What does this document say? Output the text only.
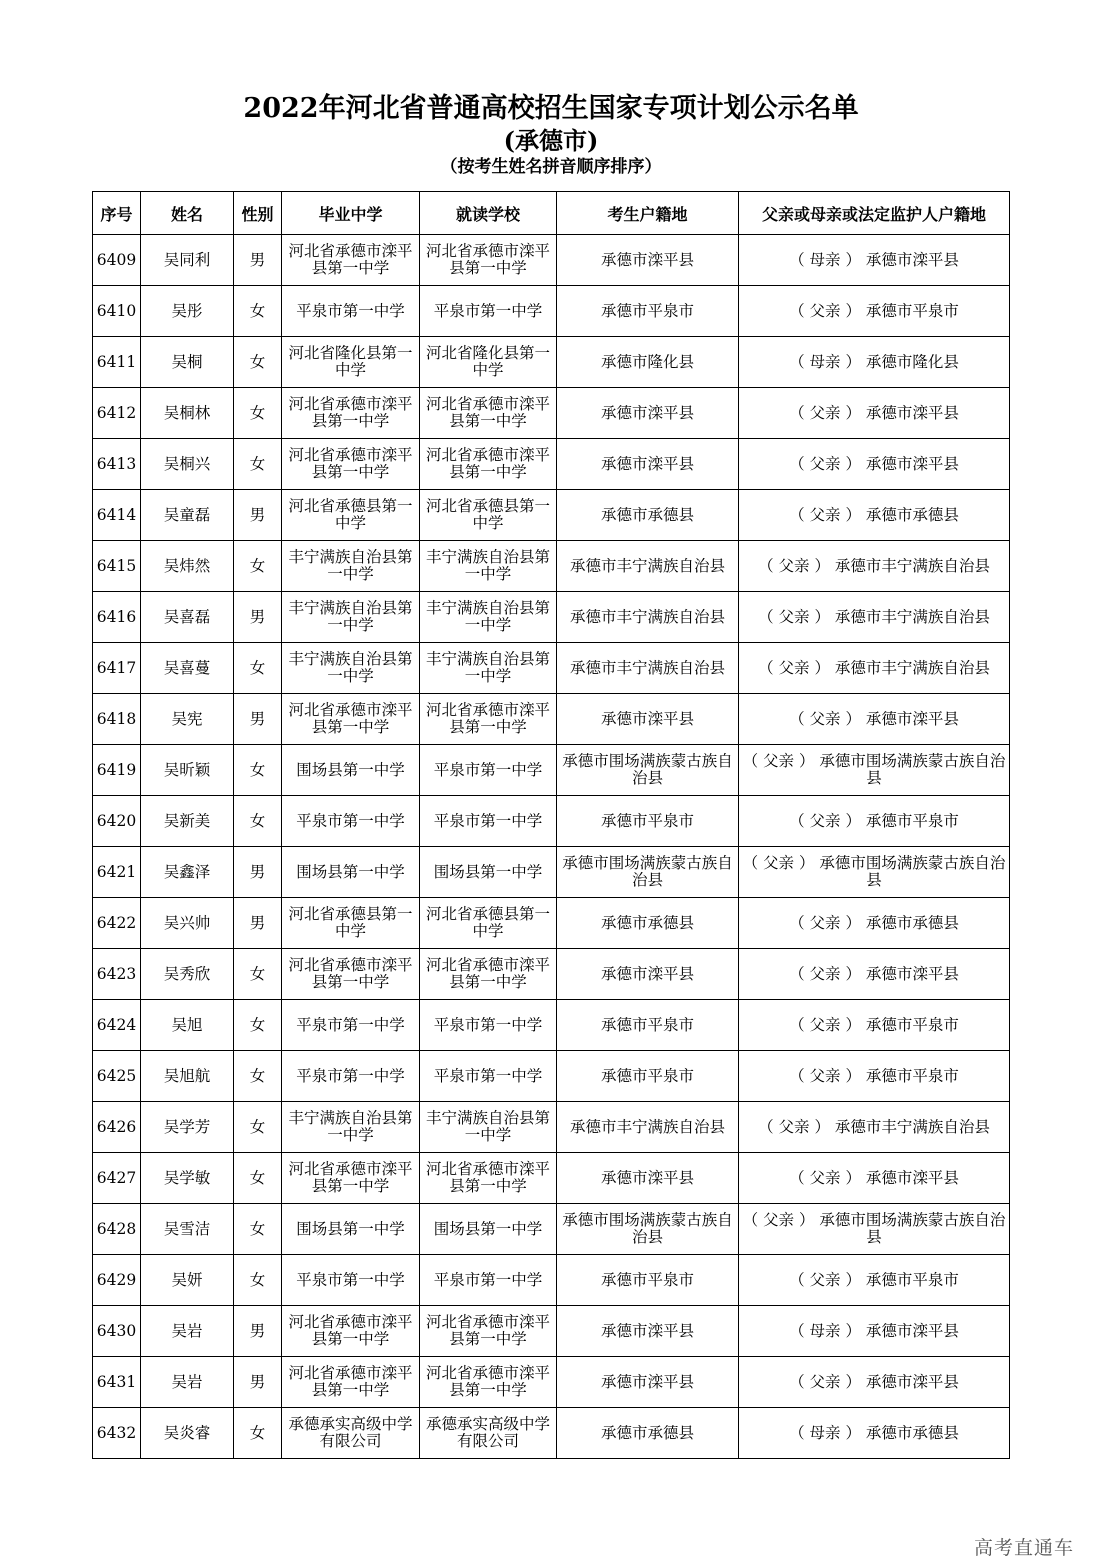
2022年河北省普通高校招生国家专项计划公示名单
(承德市)
（按考生姓名拼音顺序排序）
序号	姓名	性别	毕业中学	就读学校	考生户籍地	父亲或母亲或法定监护人户籍地
6409	吴同利	男	河北省承德市滦平县第一中学	河北省承德市滦平县第一中学	承德市滦平县	（ 母亲 ） 承德市滦平县
6410	吴彤	女	平泉市第一中学	平泉市第一中学	承德市平泉市	（ 父亲 ） 承德市平泉市
6411	吴桐	女	河北省隆化县第一中学	河北省隆化县第一中学	承德市隆化县	（ 母亲 ） 承德市隆化县
6412	吴桐林	女	河北省承德市滦平县第一中学	河北省承德市滦平县第一中学	承德市滦平县	（ 父亲 ） 承德市滦平县
6413	吴桐兴	女	河北省承德市滦平县第一中学	河北省承德市滦平县第一中学	承德市滦平县	（ 父亲 ） 承德市滦平县
6414	吴童磊	男	河北省承德县第一中学	河北省承德县第一中学	承德市承德县	（ 父亲 ） 承德市承德县
6415	吴炜然	女	丰宁满族自治县第一中学	丰宁满族自治县第一中学	承德市丰宁满族自治县	（ 父亲 ） 承德市丰宁满族自治县
6416	吴喜磊	男	丰宁满族自治县第一中学	丰宁满族自治县第一中学	承德市丰宁满族自治县	（ 父亲 ） 承德市丰宁满族自治县
6417	吴喜蔓	女	丰宁满族自治县第一中学	丰宁满族自治县第一中学	承德市丰宁满族自治县	（ 父亲 ） 承德市丰宁满族自治县
6418	吴宪	男	河北省承德市滦平县第一中学	河北省承德市滦平县第一中学	承德市滦平县	（ 父亲 ） 承德市滦平县
6419	吴昕颖	女	围场县第一中学	平泉市第一中学	承德市围场满族蒙古族自治县	（ 父亲 ） 承德市围场满族蒙古族自治县
6420	吴新美	女	平泉市第一中学	平泉市第一中学	承德市平泉市	（ 父亲 ） 承德市平泉市
6421	吴鑫泽	男	围场县第一中学	围场县第一中学	承德市围场满族蒙古族自治县	（ 父亲 ） 承德市围场满族蒙古族自治县
6422	吴兴帅	男	河北省承德县第一中学	河北省承德县第一中学	承德市承德县	（ 父亲 ） 承德市承德县
6423	吴秀欣	女	河北省承德市滦平县第一中学	河北省承德市滦平县第一中学	承德市滦平县	（ 父亲 ） 承德市滦平县
6424	吴旭	女	平泉市第一中学	平泉市第一中学	承德市平泉市	（ 父亲 ） 承德市平泉市
6425	吴旭航	女	平泉市第一中学	平泉市第一中学	承德市平泉市	（ 父亲 ） 承德市平泉市
6426	吴学芳	女	丰宁满族自治县第一中学	丰宁满族自治县第一中学	承德市丰宁满族自治县	（ 父亲 ） 承德市丰宁满族自治县
6427	吴学敏	女	河北省承德市滦平县第一中学	河北省承德市滦平县第一中学	承德市滦平县	（ 父亲 ） 承德市滦平县
6428	吴雪洁	女	围场县第一中学	围场县第一中学	承德市围场满族蒙古族自治县	（ 父亲 ） 承德市围场满族蒙古族自治县
6429	吴妍	女	平泉市第一中学	平泉市第一中学	承德市平泉市	（ 父亲 ） 承德市平泉市
6430	吴岩	男	河北省承德市滦平县第一中学	河北省承德市滦平县第一中学	承德市滦平县	（ 母亲 ） 承德市滦平县
6431	吴岩	男	河北省承德市滦平县第一中学	河北省承德市滦平县第一中学	承德市滦平县	（ 父亲 ） 承德市滦平县
6432	吴炎睿	女	承德承实高级中学有限公司	承德承实高级中学有限公司	承德市承德县	（ 母亲 ） 承德市承德县
高考直通车
